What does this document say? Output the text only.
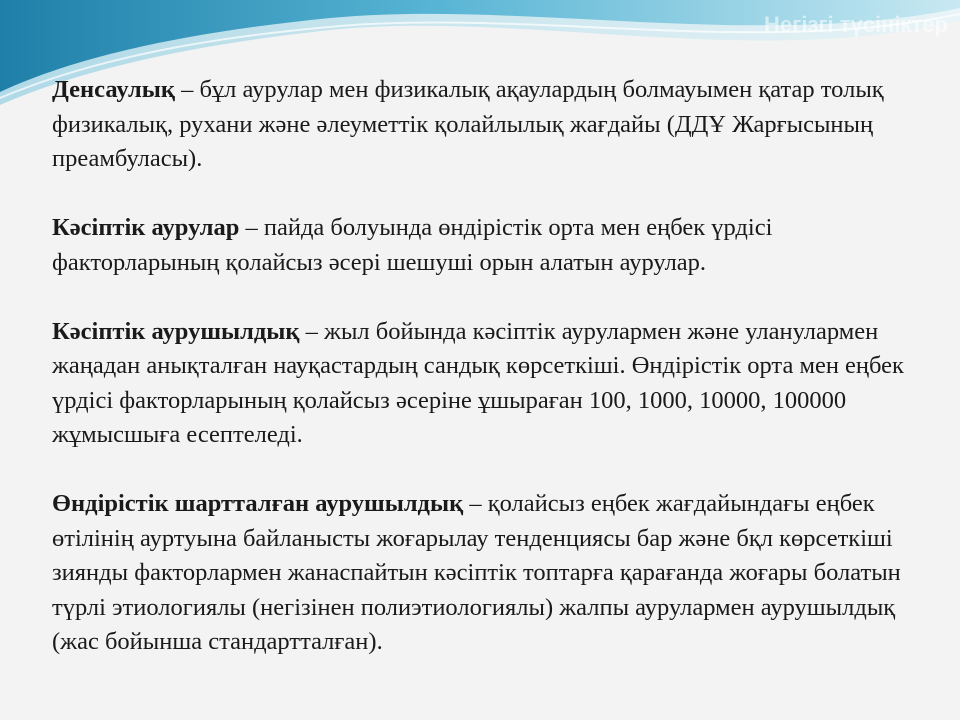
Негізгі түсініктер

Денсаулық – бұл аурулар мен физикалық ақаулардың болмауымен қатар толық физикалық, рухани және әлеуметтік қолайлылық жағдайы (ДДҰ Жарғысының преамбуласы).

Кәсіптік аурулар – пайда болуында өндірістік орта мен еңбек үрдісі факторларының қолайсыз әсері шешуші орын алатын аурулар.

Кәсіптік аурушылдық – жыл бойында кәсіптік аурулармен және уланулармен жаңадан анықталған науқастардың сандық көрсеткіші. Өндірістік орта мен еңбек үрдісі факторларының қолайсыз әсеріне ұшыраған 100, 1000, 10000, 100000 жұмысшыға есептеледі.

Өндірістік шартталған аурушылдық – қолайсыз еңбек жағдайындағы еңбек өтілінің ауртуына байланысты жоғарылау тенденциясы бар және бқл көрсеткіші зиянды факторлармен жанаспайтын кәсіптік топтарға қарағанда жоғары болатын түрлі этиологиялы (негізінен полиэтиологиялы) жалпы аурулармен аурушылдық (жас бойынша стандартталған).
